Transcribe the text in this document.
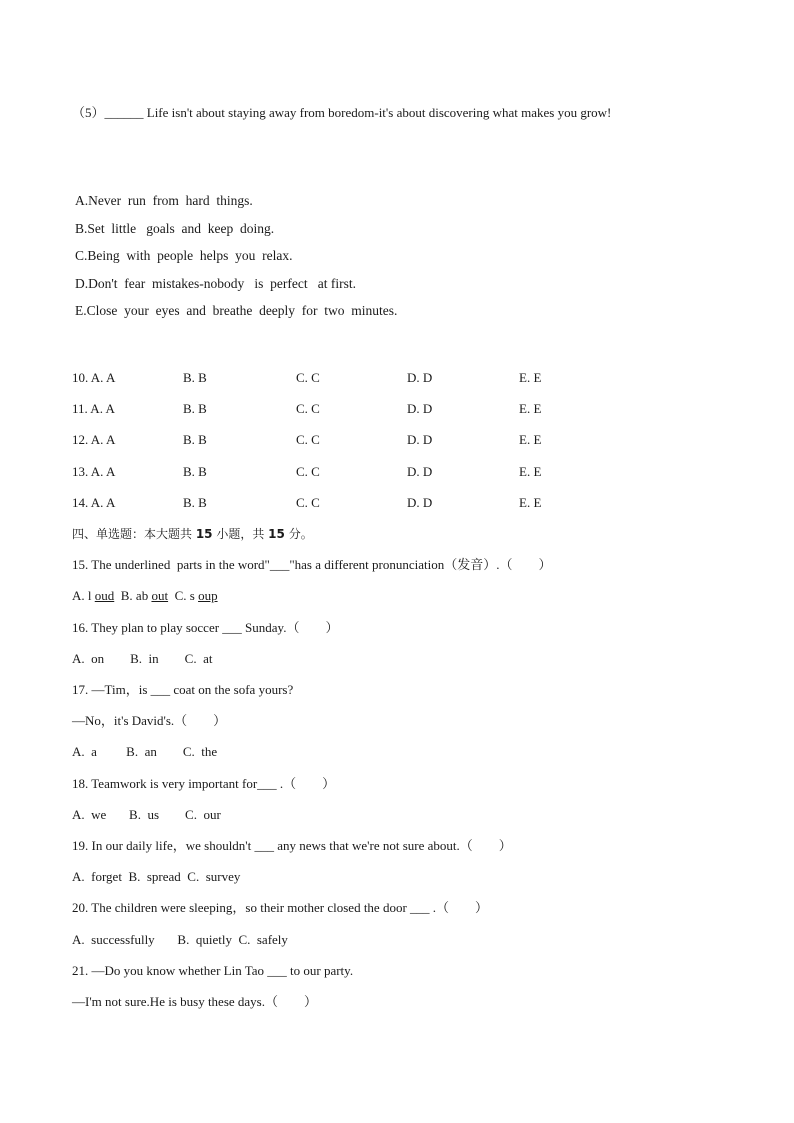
（5）______ Life isn't about staying away from boredom-it's about discovering what makes you grow!
A.Never  run  from  hard  things.
B.Set  little   goals  and  keep  doing.
C.Being  with  people  helps  you  relax.
D.Don't  fear  mistakes-nobody   is  perfect   at first.
E.Close  your  eyes  and  breathe  deeply  for  two  minutes.
10. A. A	B. B	C. C	D. D	E. E
11. A. A	B. B	C. C	D. D	E. E
12. A. A	B. B	C. C	D. D	E. E
13. A. A	B. B	C. C	D. D	E. E
14. A. A	B. B	C. C	D. D	E. E
四、单选题：本大题共 15 小题，共 15 分。
15. The underlined  parts in the word"___"has a different pronunciation（发音）.（        ）
A. l oud  B. ab out  C. s oup
16. They plan to play soccer ___ Sunday.（        ）
A.  on        B.  in        C.  at
17. —Tim，is ___ coat on the sofa yours?
—No，it's David's.（        ）
A.  a         B.  an        C.  the
18. Teamwork is very important for___ .（        ）
A.  we       B.  us        C.  our
19. In our daily life，we shouldn't ___ any news that we're not sure about.（        ）
A.  forget  B.  spread  C.  survey
20. The children were sleeping，so their mother closed the door ___ .（        ）
A.  successfully       B.  quietly  C.  safely
21. —Do you know whether Lin Tao ___ to our party.
—I'm not sure.He is busy these days.（        ）
